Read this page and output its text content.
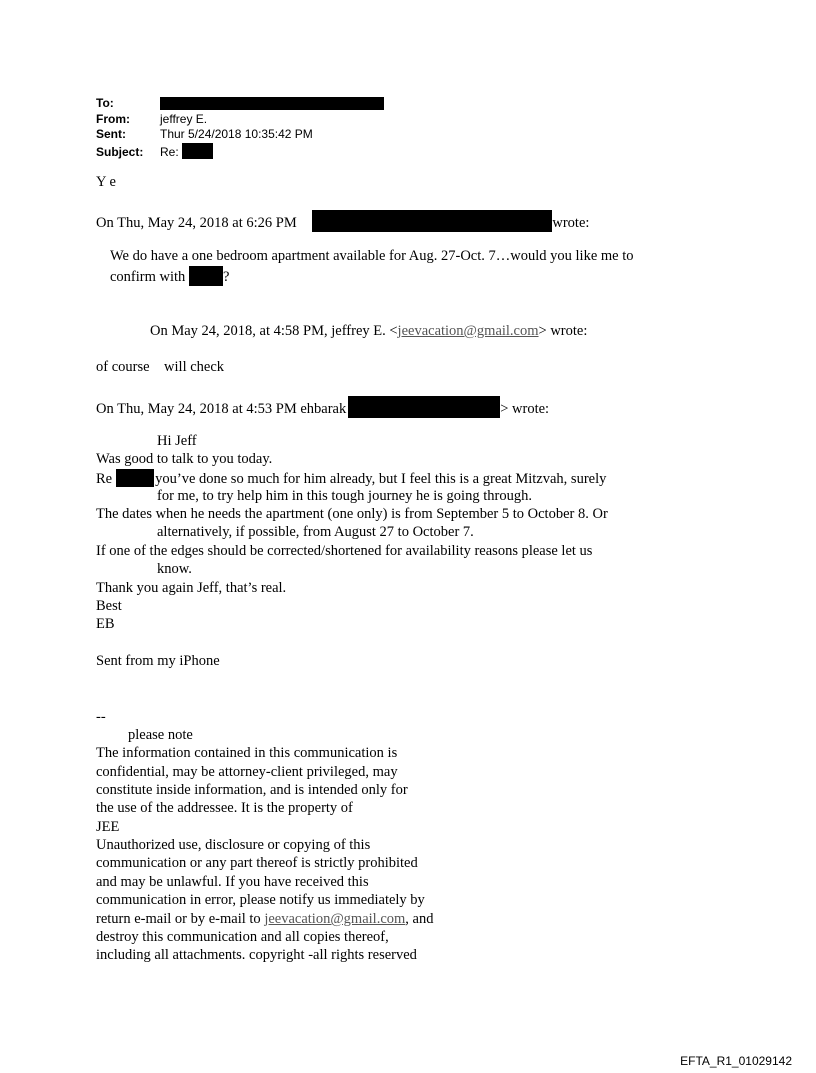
To:
From:	jeffrey E.
Sent:	Thur 5/24/2018 10:35:42 PM
Subject: Re:
Y e
On Thu, May 24, 2018 at 6:26 PM	wrote:
We do have a one bedroom apartment available for Aug. 27-Oct. 7…would you like me to
confirm with	?
On May 24, 2018, at 4:58 PM, jeffrey E. <jeevacation@gmail.com> wrote:
of course    will check
On Thu, May 24, 2018 at 4:53 PM ehbarak	> wrote:
Hi Jeff
Was good to talk to you today.
Re	you’ve done so much for him already, but I feel this is a great Mitzvah, surely
for me, to try help him in this tough journey he is going through.
The dates when he needs the apartment (one only) is from September 5 to October 8. Or
alternatively, if possible, from August 27 to October 7.
If one of the edges should be corrected/shortened for availability reasons please let us
know.
Thank you again Jeff, that’s real.
Best
EB
Sent from my iPhone
--
please note
The information contained in this communication is
confidential, may be attorney-client privileged, may
constitute inside information, and is intended only for
the use of the addressee. It is the property of
JEE
Unauthorized use, disclosure or copying of this
communication or any part thereof is strictly prohibited
and may be unlawful. If you have received this
communication in error, please notify us immediately by
return e-mail or by e-mail to jeevacation@gmail.com, and
destroy this communication and all copies thereof,
including all attachments. copyright -all rights reserved
EFTA_R1_01029142
